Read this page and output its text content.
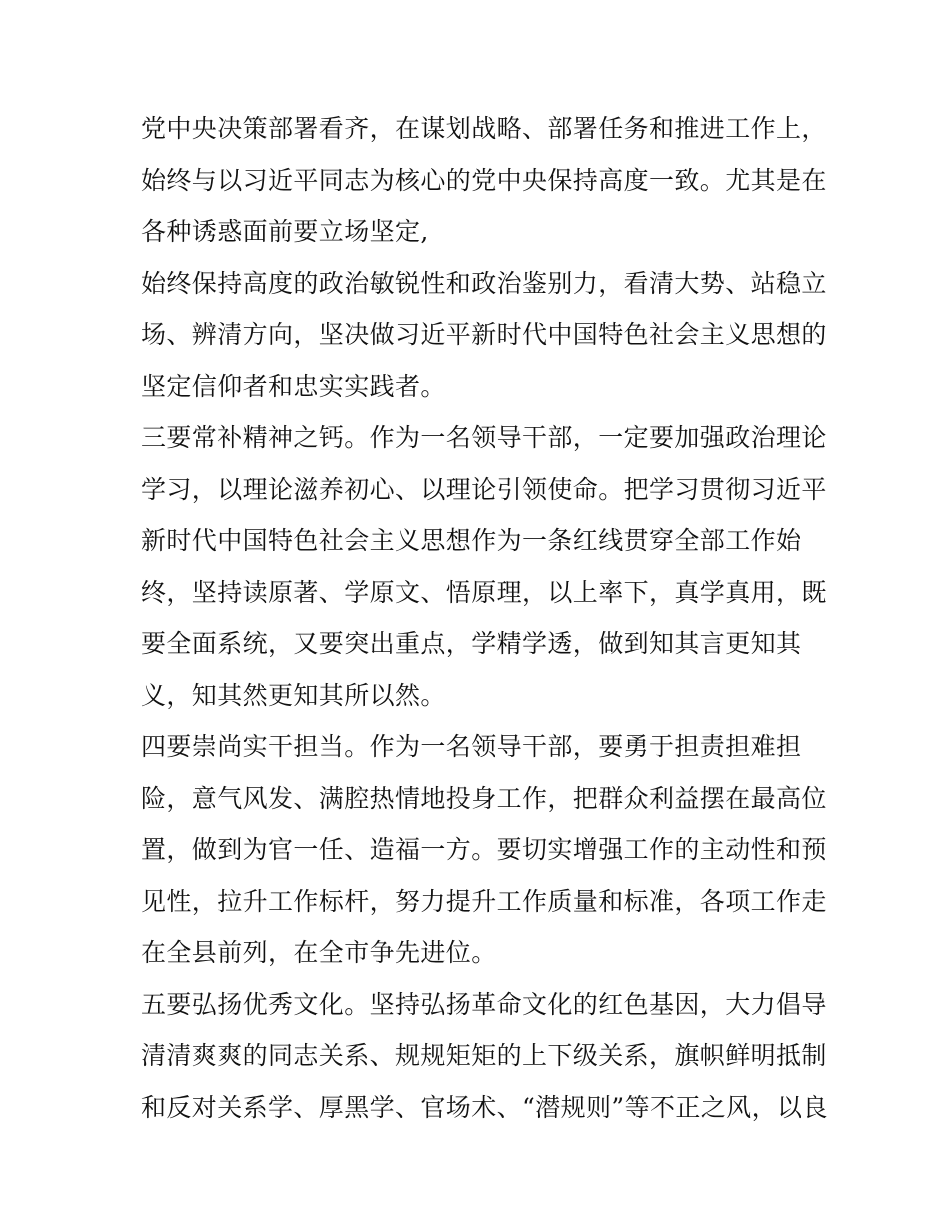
党中央决策部署看齐，在谋划战略、部署任务和推进工作上，
始终与以习近平同志为核心的党中央保持高度一致。尤其是在
各种诱惑面前要立场坚定,
始终保持高度的政治敏锐性和政治鉴别力，看清大势、站稳立
场、辨清方向，坚决做习近平新时代中国特色社会主义思想的
坚定信仰者和忠实实践者。
三要常补精神之钙。作为一名领导干部，一定要加强政治理论
学习，以理论滋养初心、以理论引领使命。把学习贯彻习近平
新时代中国特色社会主义思想作为一条红线贯穿全部工作始
终，坚持读原著、学原文、悟原理，以上率下，真学真用，既
要全面系统，又要突出重点，学精学透，做到知其言更知其
义，知其然更知其所以然。
四要崇尚实干担当。作为一名领导干部，要勇于担责担难担
险，意气风发、满腔热情地投身工作，把群众利益摆在最高位
置，做到为官一任、造福一方。要切实增强工作的主动性和预
见性，拉升工作标杆，努力提升工作质量和标准，各项工作走
在全县前列，在全市争先进位。
五要弘扬优秀文化。坚持弘扬革命文化的红色基因，大力倡导
清清爽爽的同志关系、规规矩矩的上下级关系，旗帜鲜明抵制
和反对关系学、厚黑学、官场术、“潜规则”等不正之风，以良
